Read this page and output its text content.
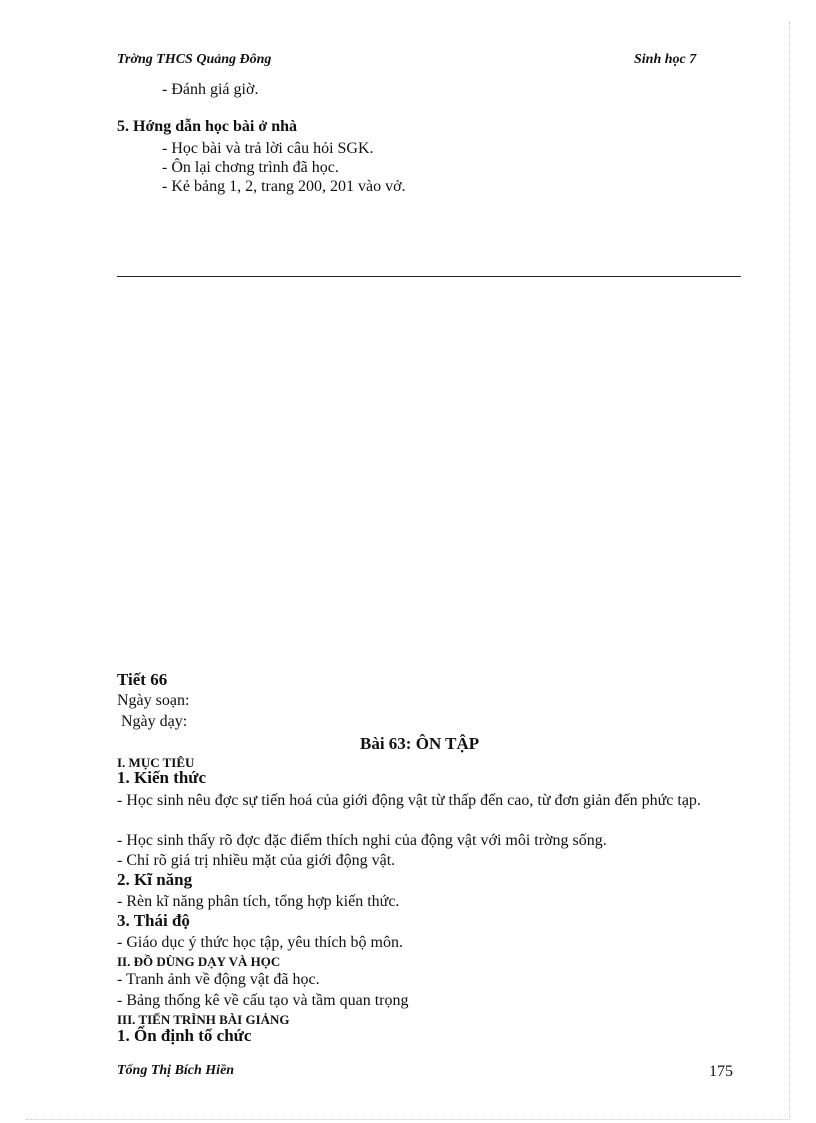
Trờng THCS Quảng Đông	Sinh học 7
- Đánh giá giờ.
5. Hớng dẫn học bài ở nhà
- Học bài và trả lời câu hỏi SGK.
- Ôn lại chơng trình đã học.
- Kẻ bảng 1, 2, trang 200, 201 vào vở.
Tiết 66
Ngày soạn:
Ngày dạy:
Bài 63: ÔN TẬP
I. MỤC TIÊU
1. Kiến thức
- Học sinh nêu đợc sự tiến hoá của giới động vật từ thấp đến cao, từ đơn giản đến phức tạp.
- Học sinh thấy rõ đợc đặc điểm thích nghi của động vật với môi trờng sống.
- Chỉ rõ giá trị nhiều mặt của giới động vật.
2. Kĩ năng
- Rèn kĩ năng phân tích, tổng hợp kiến thức.
3. Thái độ
- Giáo dục ý thức học tập, yêu thích bộ môn.
II. ĐỒ DÙNG DẠY VÀ HỌC
- Tranh ảnh về động vật đã học.
- Bảng thống kê về cấu tạo và tầm quan trọng
III. TIẾN TRÌNH BÀI GIẢNG
1. Ổn định tổ chức
Tống Thị Bích Hiền	175
